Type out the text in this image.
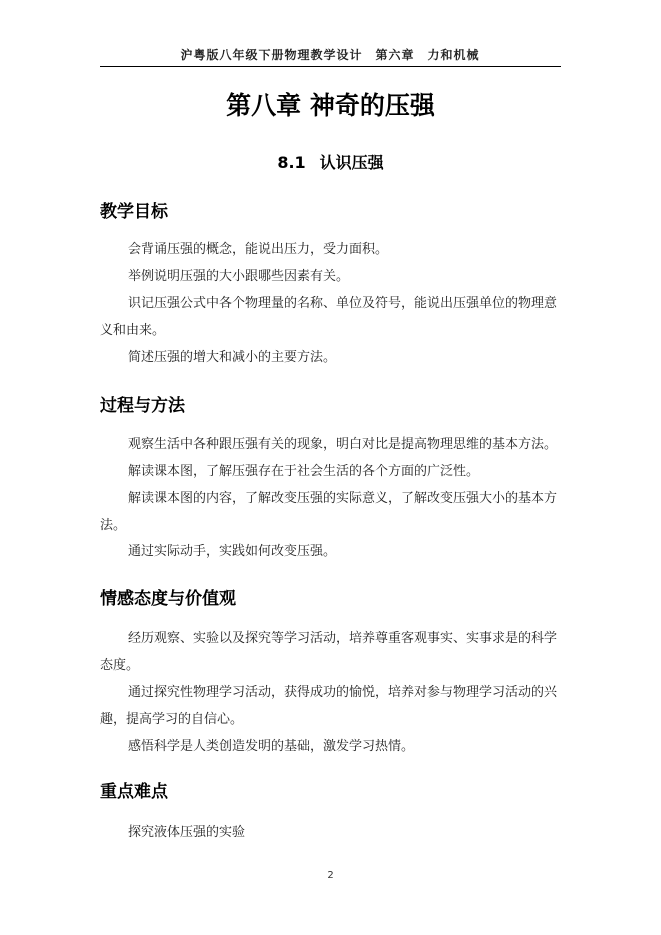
沪粤版八年级下册物理教学设计　第六章　力和机械
第八章 神奇的压强
8.1 认识压强
教学目标

会背诵压强的概念，能说出压力，受力面积。

举例说明压强的大小跟哪些因素有关。

识记压强公式中各个物理量的名称、单位及符号，能说出压强单位的物理意义和由来。

简述压强的增大和减小的主要方法。

过程与方法

观察生活中各种跟压强有关的现象，明白对比是提高物理思维的基本方法。

解读课本图，了解压强存在于社会生活的各个方面的广泛性。

解读课本图的内容，了解改变压强的实际意义，了解改变压强大小的基本方法。

通过实际动手，实践如何改变压强。

情感态度与价值观

经历观察、实验以及探究等学习活动，培养尊重客观事实、实事求是的科学态度。

通过探究性物理学习活动，获得成功的愉悦，培养对参与物理学习活动的兴趣，提高学习的自信心。

感悟科学是人类创造发明的基础，激发学习热情。

重点难点

探究液体压强的实验

2
